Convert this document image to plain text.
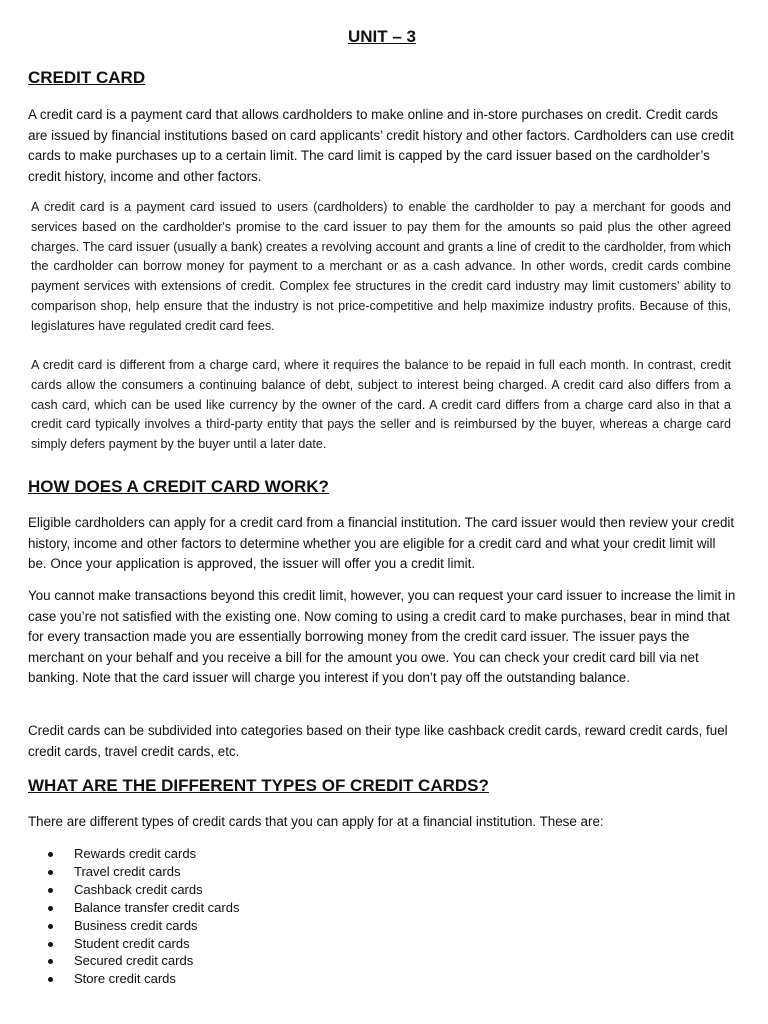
UNIT – 3
CREDIT CARD

A credit card is a payment card that allows cardholders to make online and in-store purchases on credit. Credit cards are issued by financial institutions based on card applicants’ credit history and other factors. Cardholders can use credit cards to make purchases up to a certain limit. The card limit is capped by the card issuer based on the cardholder’s credit history, income and other factors.

A credit card is a payment card issued to users (cardholders) to enable the cardholder to pay a merchant for goods and services based on the cardholder's promise to the card issuer to pay them for the amounts so paid plus the other agreed charges. The card issuer (usually a bank) creates a revolving account and grants a line of credit to the cardholder, from which the cardholder can borrow money for payment to a merchant or as a cash advance. In other words, credit cards combine payment services with extensions of credit. Complex fee structures in the credit card industry may limit customers' ability to comparison shop, help ensure that the industry is not price-competitive and help maximize industry profits. Because of this, legislatures have regulated credit card fees.

A credit card is different from a charge card, where it requires the balance to be repaid in full each month. In contrast, credit cards allow the consumers a continuing balance of debt, subject to interest being charged. A credit card also differs from a cash card, which can be used like currency by the owner of the card. A credit card differs from a charge card also in that a credit card typically involves a third-party entity that pays the seller and is reimbursed by the buyer, whereas a charge card simply defers payment by the buyer until a later date.

HOW DOES A CREDIT CARD WORK?

Eligible cardholders can apply for a credit card from a financial institution. The card issuer would then review your credit history, income and other factors to determine whether you are eligible for a credit card and what your credit limit will be. Once your application is approved, the issuer will offer you a credit limit.

You cannot make transactions beyond this credit limit, however, you can request your card issuer to increase the limit in case you’re not satisfied with the existing one. Now coming to using a credit card to make purchases, bear in mind that for every transaction made you are essentially borrowing money from the credit card issuer. The issuer pays the merchant on your behalf and you receive a bill for the amount you owe. You can check your credit card bill via net banking. Note that the card issuer will charge you interest if you don’t pay off the outstanding balance.

Credit cards can be subdivided into categories based on their type like cashback credit cards, reward credit cards, fuel credit cards, travel credit cards, etc.

WHAT ARE THE DIFFERENT TYPES OF CREDIT CARDS?

There are different types of credit cards that you can apply for at a financial institution. These are:

Rewards credit cards
Travel credit cards
Cashback credit cards
Balance transfer credit cards
Business credit cards
Student credit cards
Secured credit cards
Store credit cards
